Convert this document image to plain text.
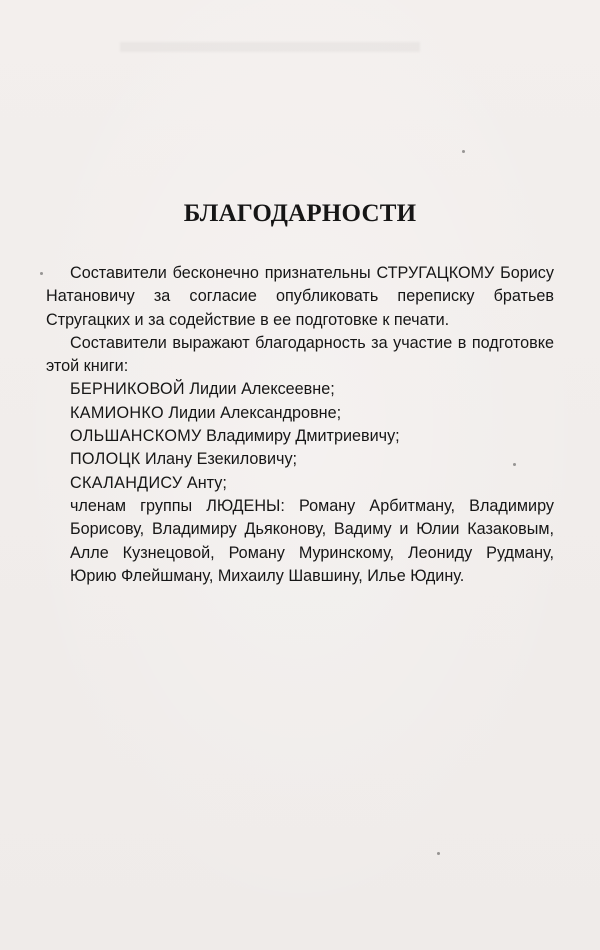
БЛАГОДАРНОСТИ

Составители бесконечно признательны СТРУГАЦКОМУ Борису Натановичу за согласие опубликовать переписку братьев Стругацких и за содействие в ее подготовке к печати.

Составители выражают благодарность за участие в подготовке этой книги:

БЕРНИКОВОЙ Лидии Алексеевне;
КАМИОНКО Лидии Александровне;
ОЛЬШАНСКОМУ Владимиру Дмитриевичу;
ПОЛОЦК Илану Езекиловичу;
СКАЛАНДИСУ Анту;
членам группы ЛЮДЕНЫ: Роману Арбитману, Владимиру Борисову, Владимиру Дьяконову, Вадиму и Юлии Казаковым, Алле Кузнецовой, Роману Муринскому, Леониду Рудману, Юрию Флейшману, Михаилу Шавшину, Илье Юдину.
